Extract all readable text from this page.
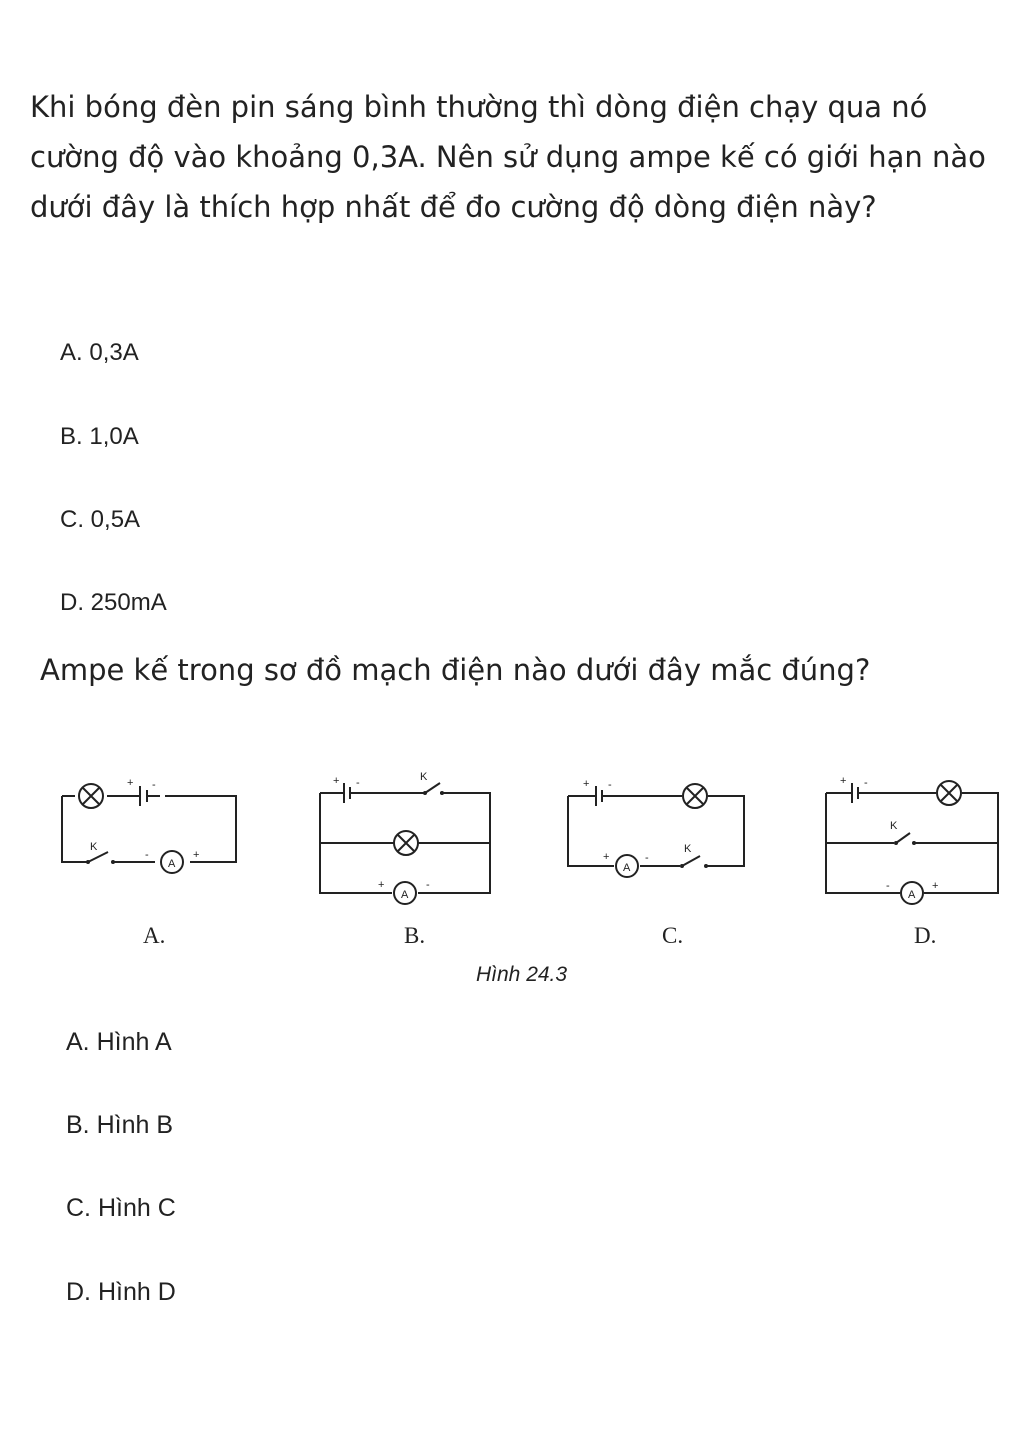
Khi bóng đèn pin sáng bình thường thì dòng điện chạy qua nó cường độ vào khoảng 0,3A. Nên sử dụng ampe kế có giới hạn nào dưới đây là thích hợp nhất để đo cường độ dòng điện này?

A. 0,3A
B. 1,0A
C. 0,5A
D. 250mA

Ampe kế trong sơ đồ mạch điện nào dưới đây mắc đúng?

+ -
K
A
-	+
A.
+ -	K
A
+	-
B.
+ -
A
+	-
K
C.
+ -
K
A
-	+
D.
Hình 24.3
A. Hình A
B. Hình B
C. Hình C
D. Hình D
